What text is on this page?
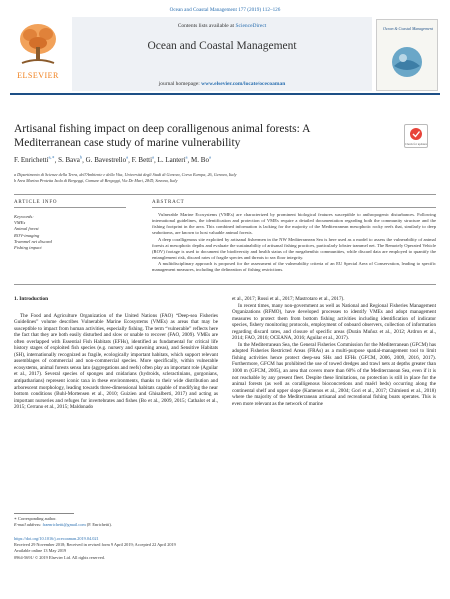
Ocean and Coastal Management 177 (2019) 112–126
ELSEVIER
Contents lists available at ScienceDirect
Ocean and Coastal Management
journal homepage: www.elsevier.com/locate/ocecoaman
Ocean & Coastal Management
Artisanal fishing impact on deep coralligenous animal forests: A Mediterranean case study of marine vulnerability	Check for updates
F. Enrichetti$^{a,∗}$, S. Bava$^b$, G. Bavestrello$^a$, F. Betti$^a$, L. Lanteri$^a$, M. Bo$^a$
a Dipartimento di Scienze della Terra, dell'Ambiente e della Vita, Università degli Studi di Genova, Corso Europa, 26, Genova, Italy
b Area Marina Protetta Isola di Bergeggi, Comune di Bergeggi, Via De Mari, 28/D, Savona, Italy
ARTICLE INFO	ABSTRACT
Keywords:
VMEs
Animal forest
ROV-imaging
Trammel net discard
Fishing impact

Vulnerable Marine Ecosystems (VMEs) are characterized by prominent biological features susceptible to anthropogenic disturbances. Following international guidelines, the identification and protection of VMEs require a detailed documentation regarding both the community structure and the fishing footprint in the area. This combined information is lacking for the majority of the Mediterranean mesophotic rocky reefs that, similarly to deep seabottoms, are known to host valuable animal forests.

A deep coralligenous site exploited by artisanal fishermen in the NW Mediterranean Sea is here used as a model to assess the vulnerability of animal forests at mesophotic depths and evaluate the sustainability of artisanal fishing practices, particularly lobster trammel net. The Remotely Operated Vehicle (ROV) footage is used to document the biodiversity and health status of the megabenthic communities, while discard data are employed to quantify the entanglement risk, discard rates of fragile species and threats to sea floor integrity.

A multidisciplinary approach is proposed for the assessment of the vulnerability criteria of an EU Special Area of Conservation, leading to specific management measures, including the delineation of fishing restrictions.

1. Introduction

The Food and Agriculture Organization of the United Nations (FAO) “Deep-sea Fisheries Guidelines” volume describes Vulnerable Marine Ecosystems (VMEs) as areas that may be susceptible to impact from human activities, especially fishing. The term “vulnerable” reflects here the fact that they are both easily disturbed and slow or unable to recover (FAO, 2009). VMEs are often overlapped with Essential Fish Habitats (EFHs), identified as fundamental for critical life history stages of exploited fish species (e.g. nursery and spawning areas), and Sensitive Habitats (SH), internationally recognized as fragile, ecologically important habitats, which support relevant assemblages of commercial and non-commercial species. More specifically, within vulnerable ecosystems, animal forests sensu lato (aggregations and reefs) often play an important role (Aguilar et al., 2017). Several species of sponges and cnidarians (hydroids, scleractinians, gorgonians, antipatharians) represent iconic taxa in these environments, thanks to their wide distribution and arborescent morphology, leading towards three-dimensional habitats capable of modifying the near bottom conditions (Buhl-Mortensen et al., 2010; Guizien and Ghisalberti, 2017) and acting as important nurseries and refuges for invertebrates and fishes (Bo et al., 2009, 2015; Cathalot et al., 2015; Cerrano et al., 2015; Maldonado

et al., 2017; Rossi et al., 2017; Mastrotaro et al., 2017).

In recent times, many non-government as well as National and Regional Fisheries Management Organizations (RFMO), have developed processes to identify VMEs and adopt management measures to protect them from bottom fishing activities including identification of indicator species, fishery monitoring protocols, employment of onboard observers, collection of information regarding discard rates, and closure of specific areas (Durán Muñoz et al., 2012; Ardron et al., 2014; FAO, 2016; OCEANA, 2016; Aguilar et al., 2017).

In the Mediterranean Sea, the General Fisheries Commission for the Mediterranean (GFCM) has adopted Fisheries Restricted Areas (FRAs) as a multi-purpose spatial-management tool to limit fishing activities hence protect deep-sea SHs and EFHs (GFCM, 2006, 2009, 2016, 2017). Furthermore, GFCM has prohibited the use of towed dredges and trawl nets at depths greater than 1000 m (GFCM, 2005), an area that covers more than 60% of the Mediterranean Sea, even if it is not reachable by any present fleet. Despite these limitations, no protection is still in place for the animal forests (as well as coralligenous bioconcretions and maërl beds) occurring along the continental shelf and upper slope (Kamenos et al., 2004; Gori et al., 2017; Chimienti et al., 2018) where the majority of the Mediterranean artisanal and recreational fishing boats operates. This is even more relevant as the network of marine

∗ Corresponding author.
E-mail address: fraenrichetti@gmail.com (F. Enrichetti).
https://doi.org/10.1016/j.ocecoaman.2019.04.021
Received 29 November 2018; Received in revised form 9 April 2019; Accepted 22 April 2019
Available online 13 May 2019
0964-5691/ © 2019 Elsevier Ltd. All rights reserved.
